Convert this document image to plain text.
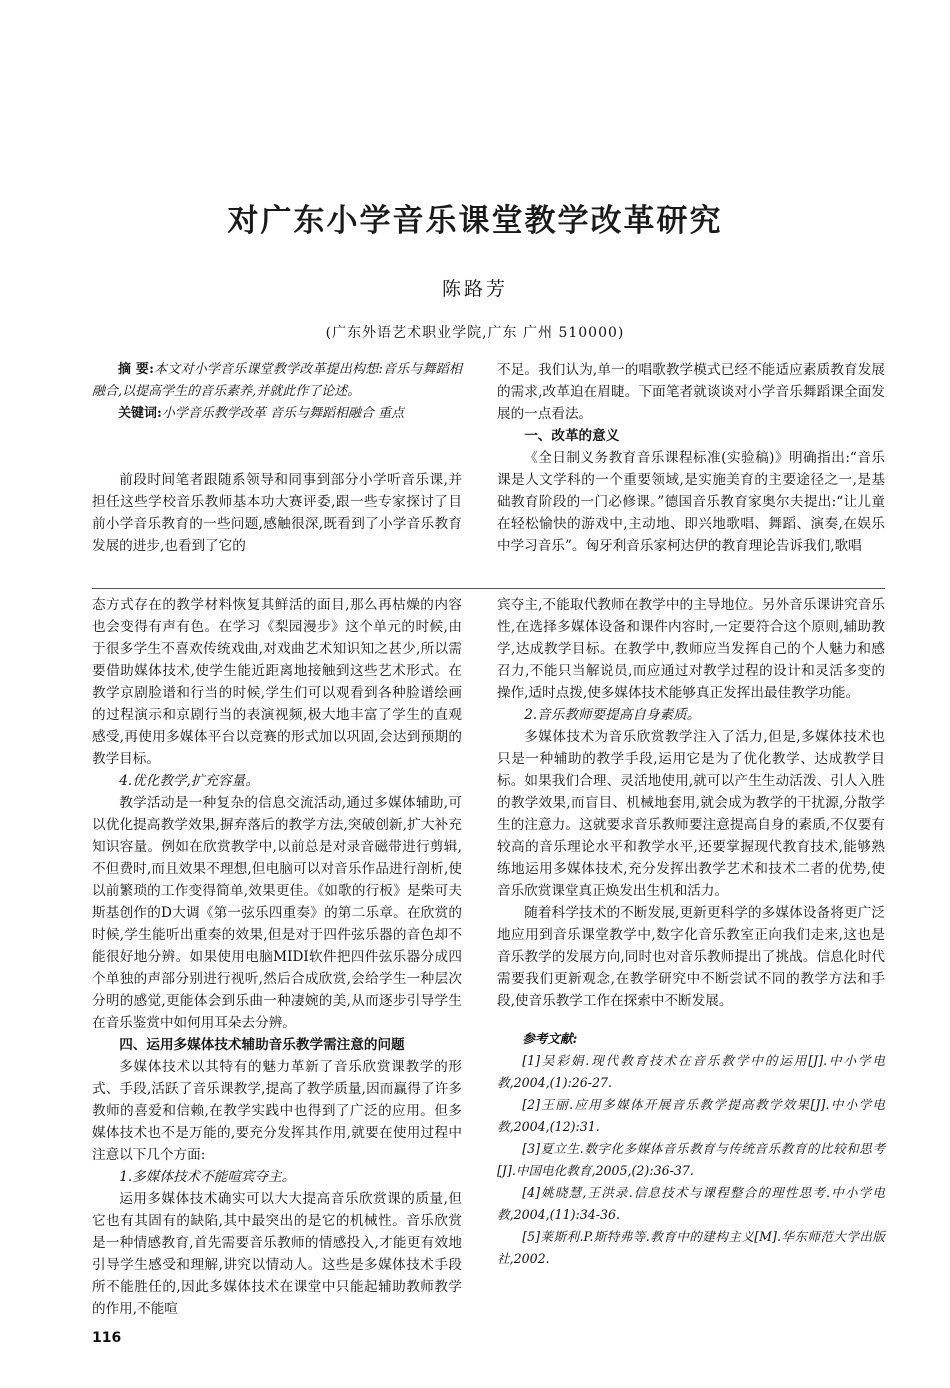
对广东小学音乐课堂教学改革研究
陈路芳
(广东外语艺术职业学院,广东 广州 510000)

摘 要:本文对小学音乐课堂教学改革提出构想:音乐与舞蹈相融合,以提高学生的音乐素养,并就此作了论述。

关键词:小学音乐教学改革 音乐与舞蹈相融合 重点

前段时间笔者跟随系领导和同事到部分小学听音乐课,并担任这些学校音乐教师基本功大赛评委,跟一些专家探讨了目前小学音乐教育的一些问题,感触很深,既看到了小学音乐教育发展的进步,也看到了它的

不足。我们认为,单一的唱歌教学模式已经不能适应素质教育发展的需求,改革迫在眉睫。下面笔者就谈谈对小学音乐舞蹈课全面发展的一点看法。

一、改革的意义

《全日制义务教育音乐课程标准(实验稿)》明确指出:“音乐课是人文学科的一个重要领域,是实施美育的主要途径之一,是基础教育阶段的一门必修课。”德国音乐教育家奥尔夫提出:“让儿童在轻松愉快的游戏中,主动地、即兴地歌唱、舞蹈、演奏,在娱乐中学习音乐”。匈牙利音乐家柯达伊的教育理论告诉我们,歌唱

态方式存在的教学材料恢复其鲜活的面目,那么再枯燥的内容也会变得有声有色。在学习《梨园漫步》这个单元的时候,由于很多学生不喜欢传统戏曲,对戏曲艺术知识知之甚少,所以需要借助媒体技术,使学生能近距离地接触到这些艺术形式。在教学京剧脸谱和行当的时候,学生们可以观看到各种脸谱绘画的过程演示和京剧行当的表演视频,极大地丰富了学生的直观感受,再使用多媒体平台以竞赛的形式加以巩固,会达到预期的教学目标。

4.优化教学,扩充容量。

教学活动是一种复杂的信息交流活动,通过多媒体辅助,可以优化提高教学效果,摒弃落后的教学方法,突破创新,扩大补充知识容量。例如在欣赏教学中,以前总是对录音磁带进行剪辑,不但费时,而且效果不理想,但电脑可以对音乐作品进行剖析,使以前繁琐的工作变得简单,效果更佳。《如歌的行板》是柴可夫斯基创作的D大调《第一弦乐四重奏》的第二乐章。在欣赏的时候,学生能听出重奏的效果,但是对于四件弦乐器的音色却不能很好地分辨。如果使用电脑MIDI软件把四件弦乐器分成四个单独的声部分别进行视听,然后合成欣赏,会给学生一种层次分明的感觉,更能体会到乐曲一种凄婉的美,从而逐步引导学生在音乐鉴赏中如何用耳朵去分辨。

四、运用多媒体技术辅助音乐教学需注意的问题

多媒体技术以其特有的魅力革新了音乐欣赏课教学的形式、手段,活跃了音乐课教学,提高了教学质量,因而赢得了许多教师的喜爱和信赖,在教学实践中也得到了广泛的应用。但多媒体技术也不是万能的,要充分发挥其作用,就要在使用过程中注意以下几个方面:

1.多媒体技术不能喧宾夺主。

运用多媒体技术确实可以大大提高音乐欣赏课的质量,但它也有其固有的缺陷,其中最突出的是它的机械性。音乐欣赏是一种情感教育,首先需要音乐教师的情感投入,才能更有效地引导学生感受和理解,讲究以情动人。这些是多媒体技术手段所不能胜任的,因此多媒体技术在课堂中只能起辅助教师教学的作用,不能喧

宾夺主,不能取代教师在教学中的主导地位。另外音乐课讲究音乐性,在选择多媒体设备和课件内容时,一定要符合这个原则,辅助教学,达成教学目标。在教学中,教师应当发挥自己的个人魅力和感召力,不能只当解说员,而应通过对教学过程的设计和灵活多变的操作,适时点拨,使多媒体技术能够真正发挥出最佳教学功能。

2.音乐教师要提高自身素质。

多媒体技术为音乐欣赏教学注入了活力,但是,多媒体技术也只是一种辅助的教学手段,运用它是为了优化教学、达成教学目标。如果我们合理、灵活地使用,就可以产生生动活泼、引人入胜的教学效果,而盲目、机械地套用,就会成为教学的干扰源,分散学生的注意力。这就要求音乐教师要注意提高自身的素质,不仅要有较高的音乐理论水平和教学水平,还要掌握现代教育技术,能够熟练地运用多媒体技术,充分发挥出教学艺术和技术二者的优势,使音乐欣赏课堂真正焕发出生机和活力。

随着科学技术的不断发展,更新更科学的多媒体设备将更广泛地应用到音乐课堂教学中,数字化音乐教室正向我们走来,这也是音乐教学的发展方向,同时也对音乐教师提出了挑战。信息化时代需要我们更新观念,在教学研究中不断尝试不同的教学方法和手段,使音乐教学工作在探索中不断发展。

参考文献:

[1]吴彩娟.现代教育技术在音乐教学中的运用[J].中小学电教,2004,(1):26-27.

[2]王丽.应用多媒体开展音乐教学提高教学效果[J].中小学电教,2004,(12):31.

[3]夏立生.数字化多媒体音乐教育与传统音乐教育的比较和思考[J].中国电化教育,2005,(2):36-37.

[4]姚晓慧,王洪录.信息技术与课程整合的理性思考.中小学电教,2004,(11):34-36.

[5]莱斯利.P.斯特弗等.教育中的建构主义[M].华东师范大学出版社,2002.

116
